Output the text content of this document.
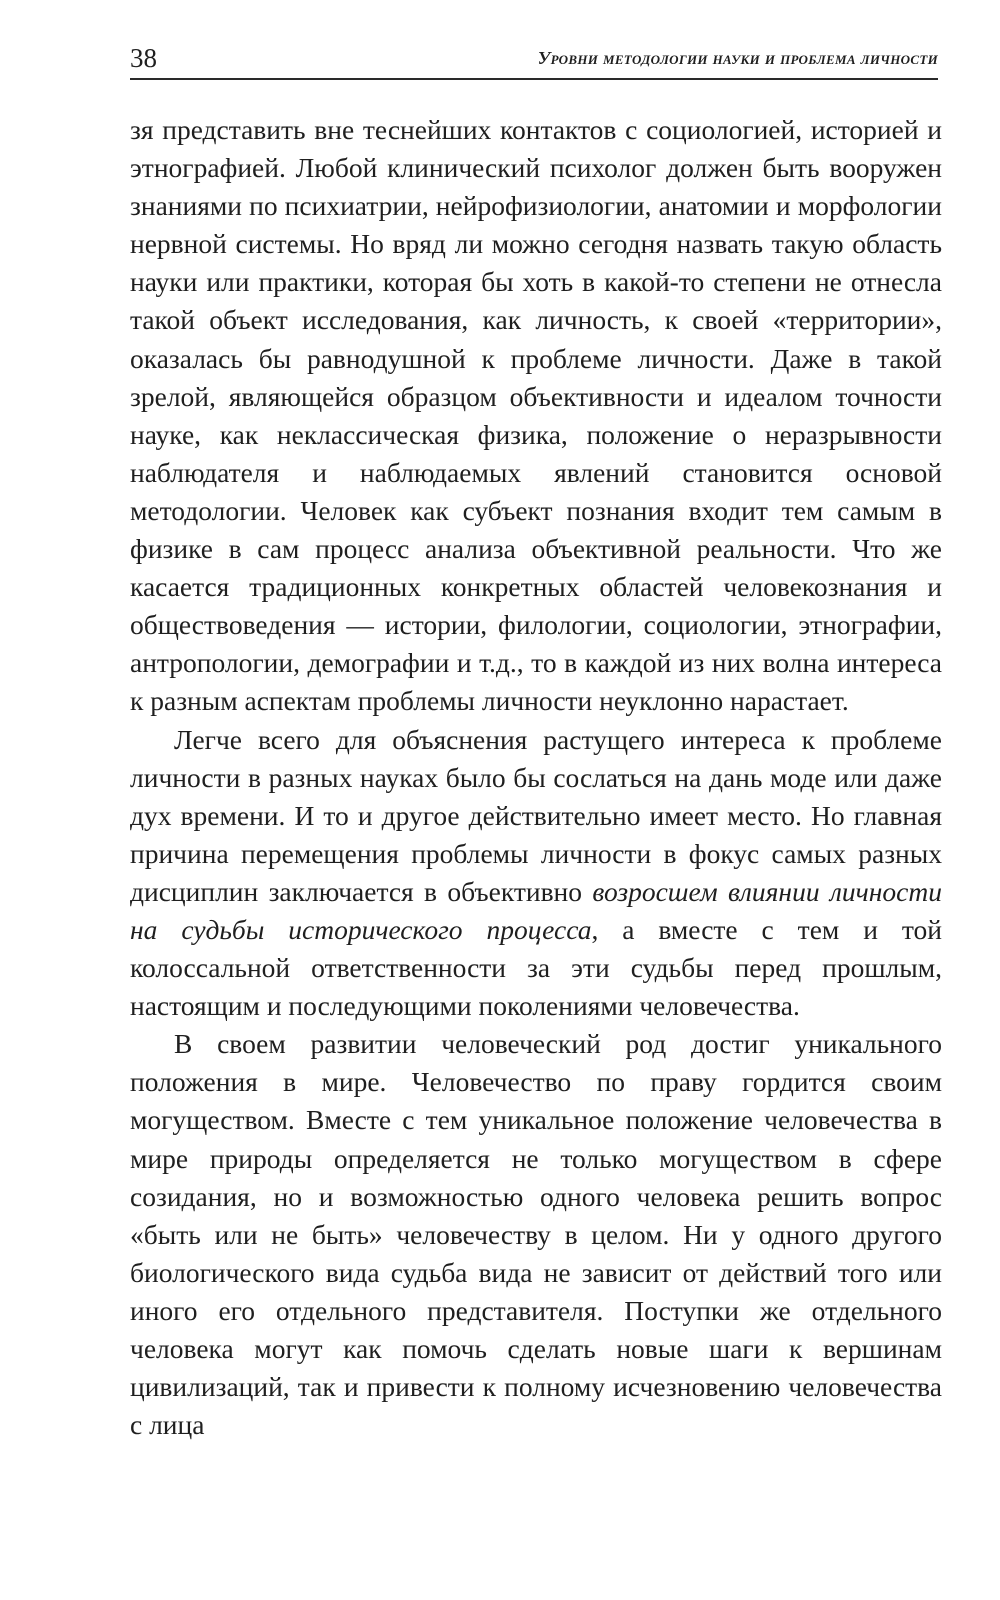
38	Уровни методологии науки и проблема личности

зя представить вне теснейших контактов с социологией, историей и этнографией. Любой клинический психолог должен быть вооружен знаниями по психиатрии, нейрофизиологии, анатомии и морфологии нервной системы. Но вряд ли можно сегодня назвать такую область науки или практики, которая бы хоть в какой-то степени не отнесла такой объект исследования, как личность, к своей «территории», оказалась бы равнодушной к проблеме личности. Даже в такой зрелой, являющейся образцом объективности и идеалом точности науке, как неклассическая физика, положение о неразрывности наблюдателя и наблюдаемых явлений становится основой методологии. Человек как субъект познания входит тем самым в физике в сам процесс анализа объективной реальности. Что же касается традиционных конкретных областей человекознания и обществоведения — истории, филологии, социологии, этнографии, антропологии, демографии и т.д., то в каждой из них волна интереса к разным аспектам проблемы личности неуклонно нарастает.

Легче всего для объяснения растущего интереса к проблеме личности в разных науках было бы сослаться на дань моде или даже дух времени. И то и другое действительно имеет место. Но главная причина перемещения проблемы личности в фокус самых разных дисциплин заключается в объективно возросшем влиянии личности на судьбы исторического процесса, а вместе с тем и той колоссальной ответственности за эти судьбы перед прошлым, настоящим и последующими поколениями человечества.

В своем развитии человеческий род достиг уникального положения в мире. Человечество по праву гордится своим могуществом. Вместе с тем уникальное положение человечества в мире природы определяется не только могуществом в сфере созидания, но и возможностью одного человека решить вопрос «быть или не быть» человечеству в целом. Ни у одного другого биологического вида судьба вида не зависит от действий того или иного его отдельного представителя. Поступки же отдельного человека могут как помочь сделать новые шаги к вершинам цивилизаций, так и привести к полному исчезновению человечества с лица
